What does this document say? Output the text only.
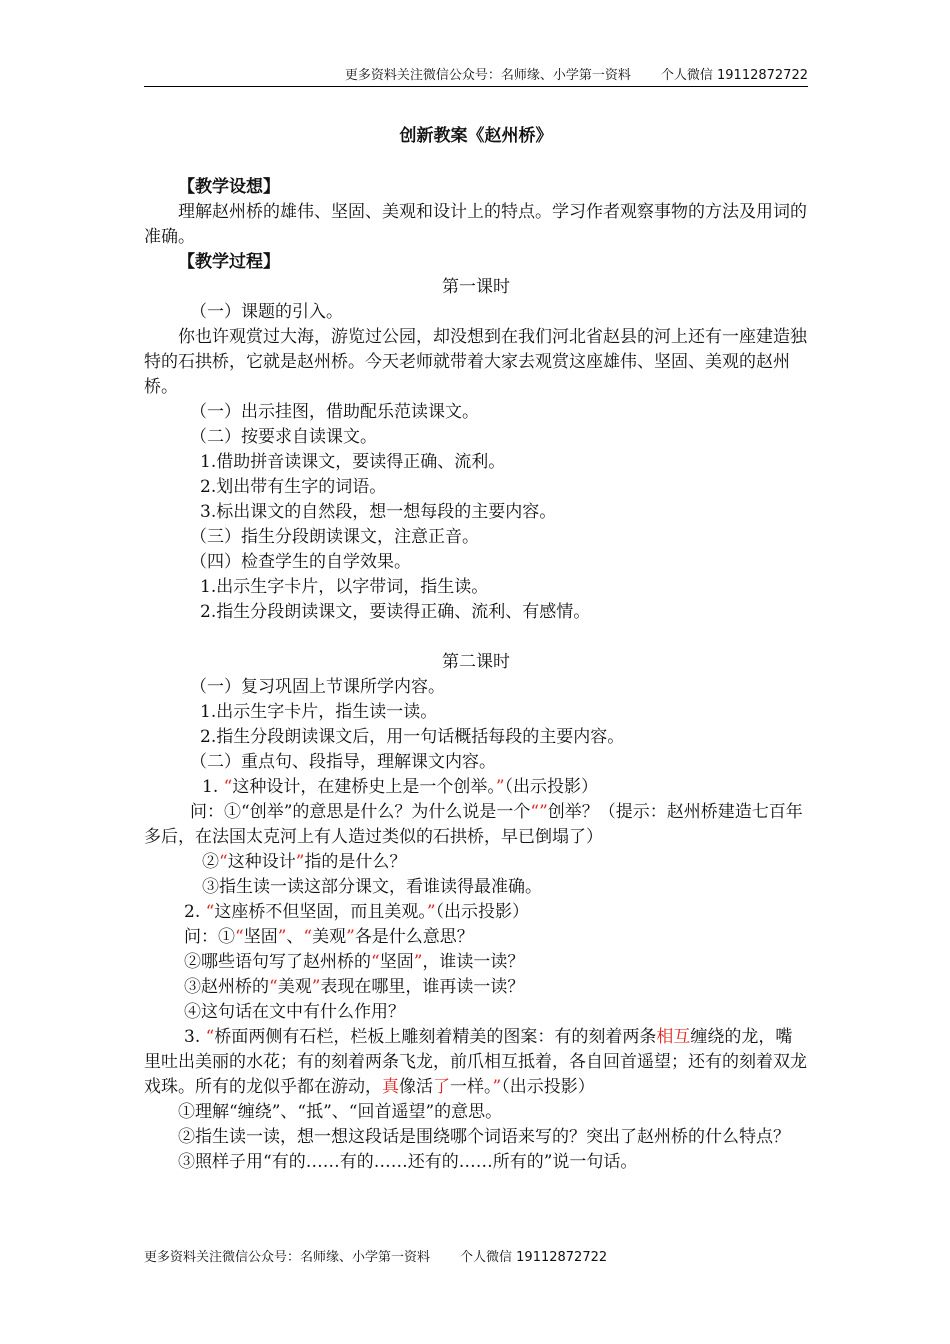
更多资料关注微信公众号：名师缘、小学第一资料 个人微信 19112872722
创新教案《赵州桥》
【教学设想】

理解赵州桥的雄伟、坚固、美观和设计上的特点。学习作者观察事物的方法及用词的准确。

【教学过程】
第一课时

（一）课题的引入。

你也许观赏过大海，游览过公园，却没想到在我们河北省赵县的河上还有一座建造独特的石拱桥，它就是赵州桥。今天老师就带着大家去观赏这座雄伟、坚固、美观的赵州桥。

（一）出示挂图，借助配乐范读课文。

（二）按要求自读课文。

1.借助拼音读课文，要读得正确、流利。

2.划出带有生字的词语。

3.标出课文的自然段，想一想每段的主要内容。

（三）指生分段朗读课文，注意正音。

（四）检查学生的自学效果。

1.出示生字卡片，以字带词，指生读。

2.指生分段朗读课文，要读得正确、流利、有感情。

第二课时

（一）复习巩固上节课所学内容。

1.出示生字卡片，指生读一读。

2.指生分段朗读课文后，用一句话概括每段的主要内容。

（二）重点句、段指导，理解课文内容。

1. “这种设计，在建桥史上是一个创举。”（出示投影）

问：①“创举”的意思是什么？为什么说是一个“”创举？（提示：赵州桥建造七百年多后，在法国太克河上有人造过类似的石拱桥，早已倒塌了）

②“这种设计”指的是什么？

③指生读一读这部分课文，看谁读得最准确。

2. “这座桥不但坚固，而且美观。”（出示投影）

问：①“坚固”、“美观”各是什么意思？

②哪些语句写了赵州桥的“坚固”，谁读一读？

③赵州桥的“美观”表现在哪里，谁再读一读？

④这句话在文中有什么作用？

3. “桥面两侧有石栏，栏板上雕刻着精美的图案：有的刻着两条相互缠绕的龙，嘴里吐出美丽的水花；有的刻着两条飞龙，前爪相互抵着，各自回首遥望；还有的刻着双龙戏珠。所有的龙似乎都在游动，真像活了一样。”（出示投影）

①理解“缠绕”、“抵”、“回首遥望”的意思。

②指生读一读，想一想这段话是围绕哪个词语来写的？突出了赵州桥的什么特点？

③照样子用“有的……有的……还有的……所有的”说一句话。

更多资料关注微信公众号：名师缘、小学第一资料 个人微信 19112872722
